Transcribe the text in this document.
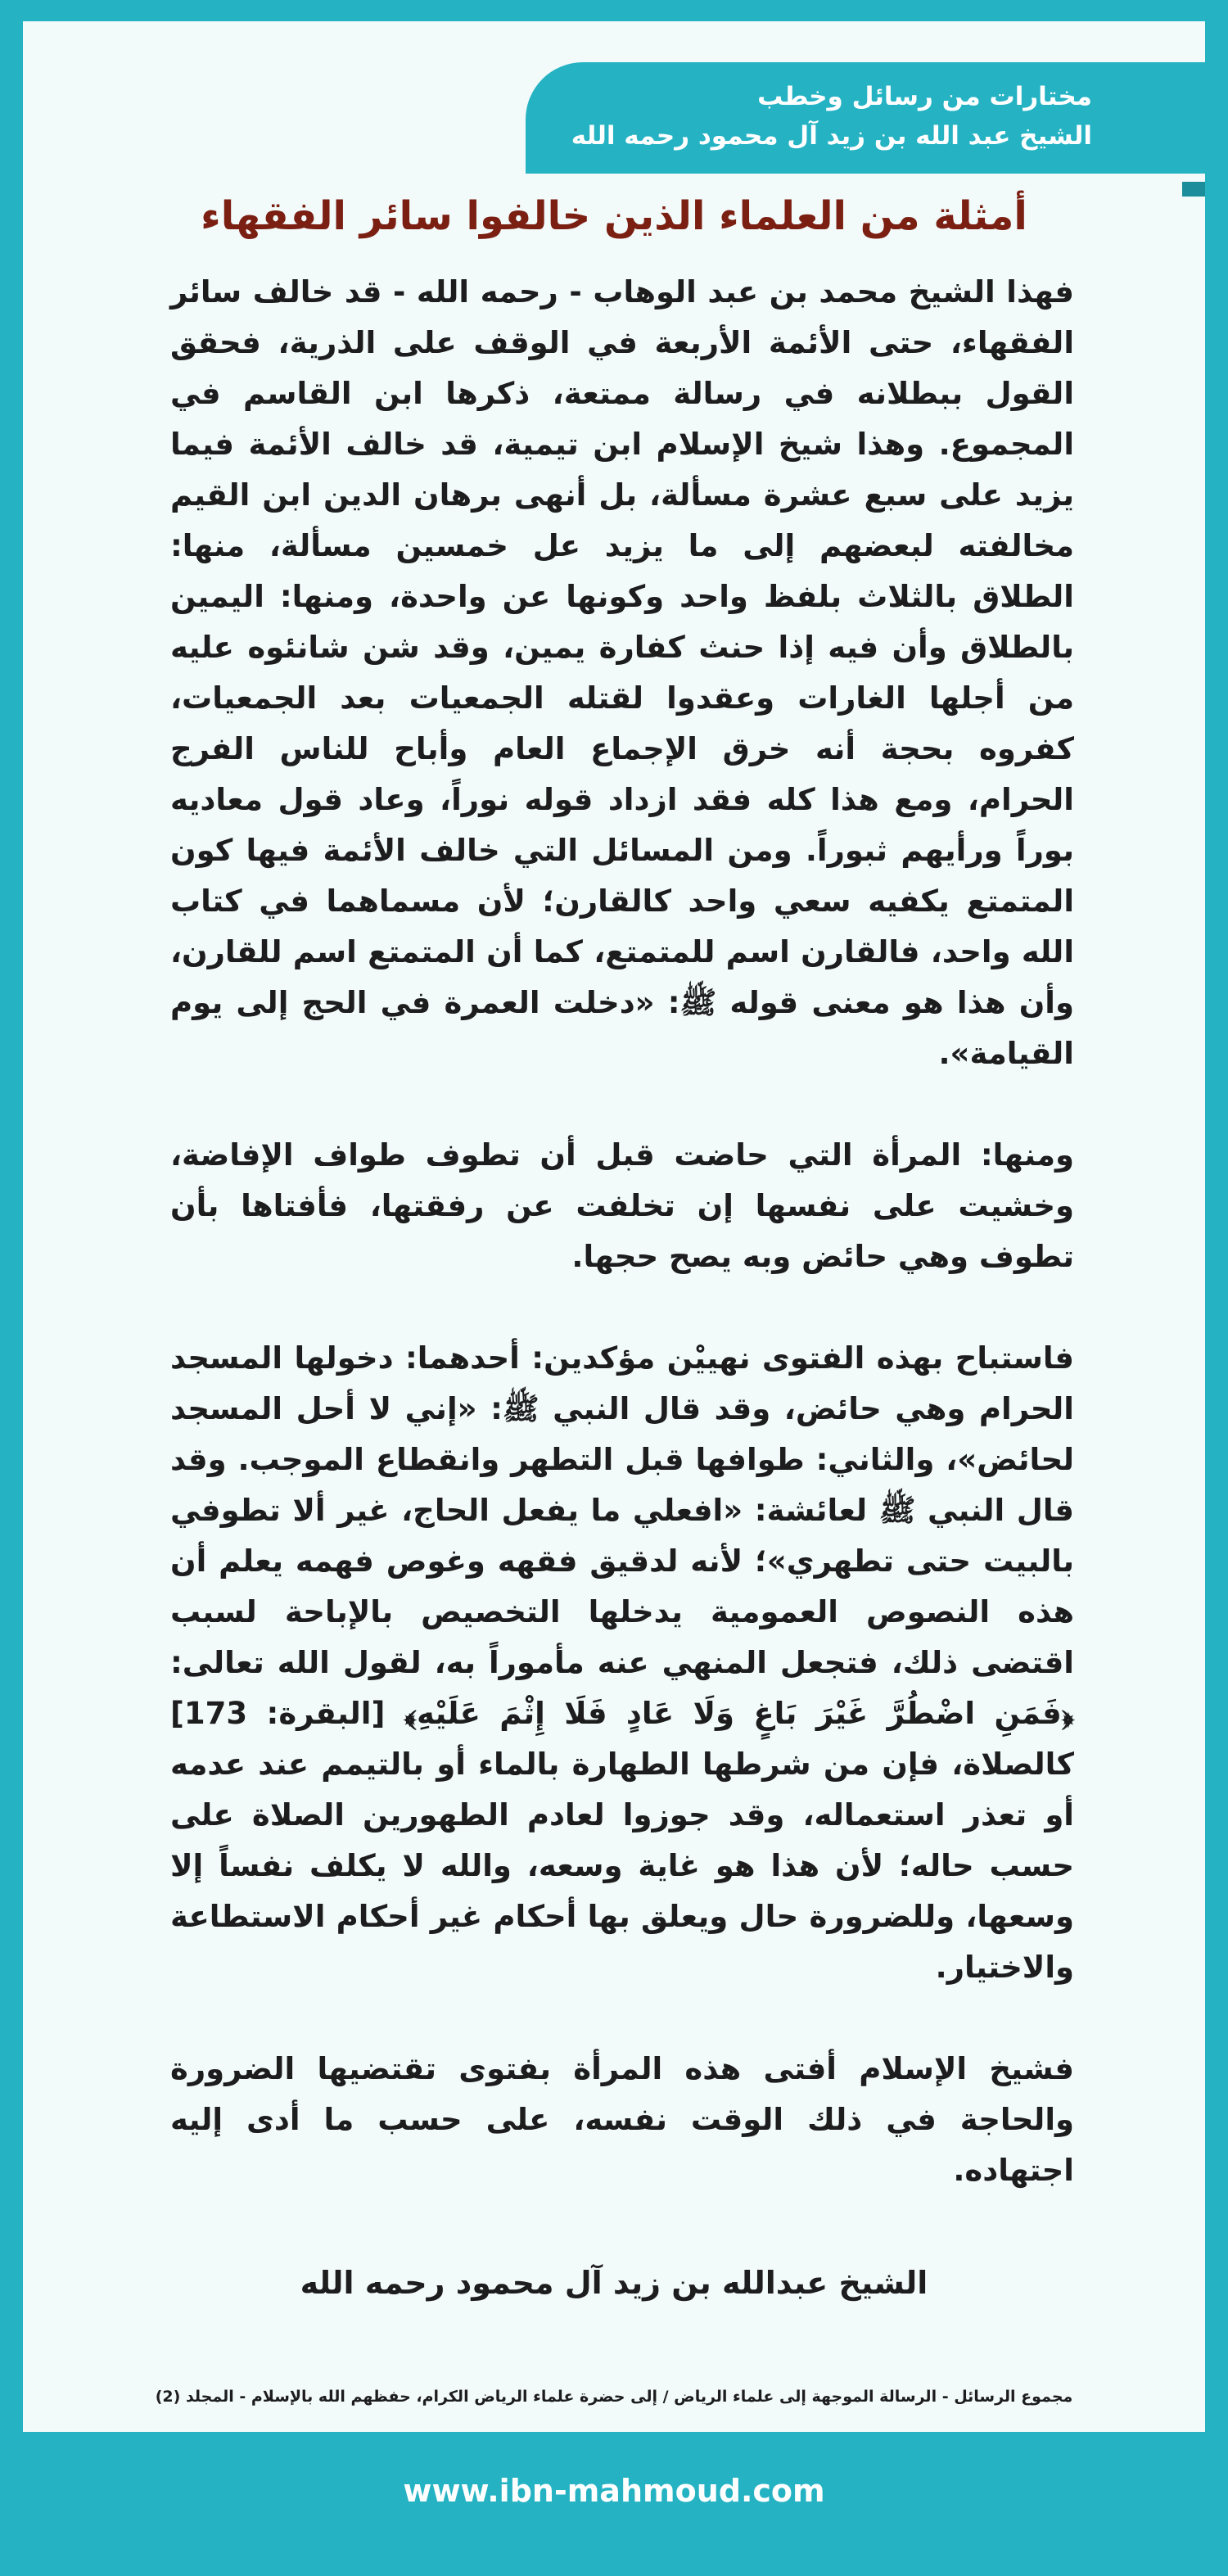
مختارات من رسائل وخطب
الشيخ عبد الله بن زيد آل محمود رحمه الله
أمثلة من العلماء الذين خالفوا سائر الفقهاء

فهذا الشيخ محمد بن عبد الوهاب - رحمه الله - قد خالف سائر الفقهاء، حتى الأئمة الأربعة في الوقف على الذرية، فحقق القول ببطلانه في رسالة ممتعة، ذكرها ابن القاسم في المجموع. وهذا شيخ الإسلام ابن تيمية، قد خالف الأئمة فيما يزيد على سبع عشرة مسألة، بل أنهى برهان الدين ابن القيم مخالفته لبعضهم إلى ما يزيد عل خمسين مسألة، منها: الطلاق بالثلاث بلفظ واحد وكونها عن واحدة، ومنها: اليمين بالطلاق وأن فيه إذا حنث كفارة يمين، وقد شن شانئوه عليه من أجلها الغارات وعقدوا لقتله الجمعيات بعد الجمعيات، كفروه بحجة أنه خرق الإجماع العام وأباح للناس الفرج الحرام، ومع هذا كله فقد ازداد قوله نوراً، وعاد قول معاديه بوراً ورأيهم ثبوراً. ومن المسائل التي خالف الأئمة فيها كون المتمتع يكفيه سعي واحد كالقارن؛ لأن مسماهما في كتاب الله واحد، فالقارن اسم للمتمتع، كما أن المتمتع اسم للقارن، وأن هذا هو معنى قوله ﷺ: «دخلت العمرة في الحج إلى يوم القيامة».

ومنها: المرأة التي حاضت قبل أن تطوف طواف الإفاضة، وخشيت على نفسها إن تخلفت عن رفقتها، فأفتاها بأن تطوف وهي حائض وبه يصح حجها.

فاستباح بهذه الفتوى نهييْن مؤكدين: أحدهما: دخولها المسجد الحرام وهي حائض، وقد قال النبي ﷺ: «إني لا أحل المسجد لحائض»، والثاني: طوافها قبل التطهر وانقطاع الموجب. وقد قال النبي ﷺ لعائشة: «افعلي ما يفعل الحاج، غير ألا تطوفي بالبيت حتى تطهري»؛ لأنه لدقيق فقهه وغوص فهمه يعلم أن هذه النصوص العمومية يدخلها التخصيص بالإباحة لسبب اقتضى ذلك، فتجعل المنهي عنه مأموراً به، لقول الله تعالى: ﴿فَمَنِ اضْطُرَّ غَيْرَ بَاغٍ وَلَا عَادٍ فَلَا إِثْمَ عَلَيْهِ﴾ [البقرة: 173] كالصلاة، فإن من شرطها الطهارة بالماء أو بالتيمم عند عدمه أو تعذر استعماله، وقد جوزوا لعادم الطهورين الصلاة على حسب حاله؛ لأن هذا هو غاية وسعه، والله لا يكلف نفساً إلا وسعها، وللضرورة حال ويعلق بها أحكام غير أحكام الاستطاعة والاختيار.

فشيخ الإسلام أفتى هذه المرأة بفتوى تقتضيها الضرورة والحاجة في ذلك الوقت نفسه، على حسب ما أدى إليه اجتهاده.

الشيخ عبدالله بن زيد آل محمود رحمه الله
مجموع الرسائل - الرسالة الموجهة إلى علماء الرياض / إلى حضرة علماء الرياض الكرام، حفظهم الله بالإسلام - المجلد (2)
www.ibn-mahmoud.com
